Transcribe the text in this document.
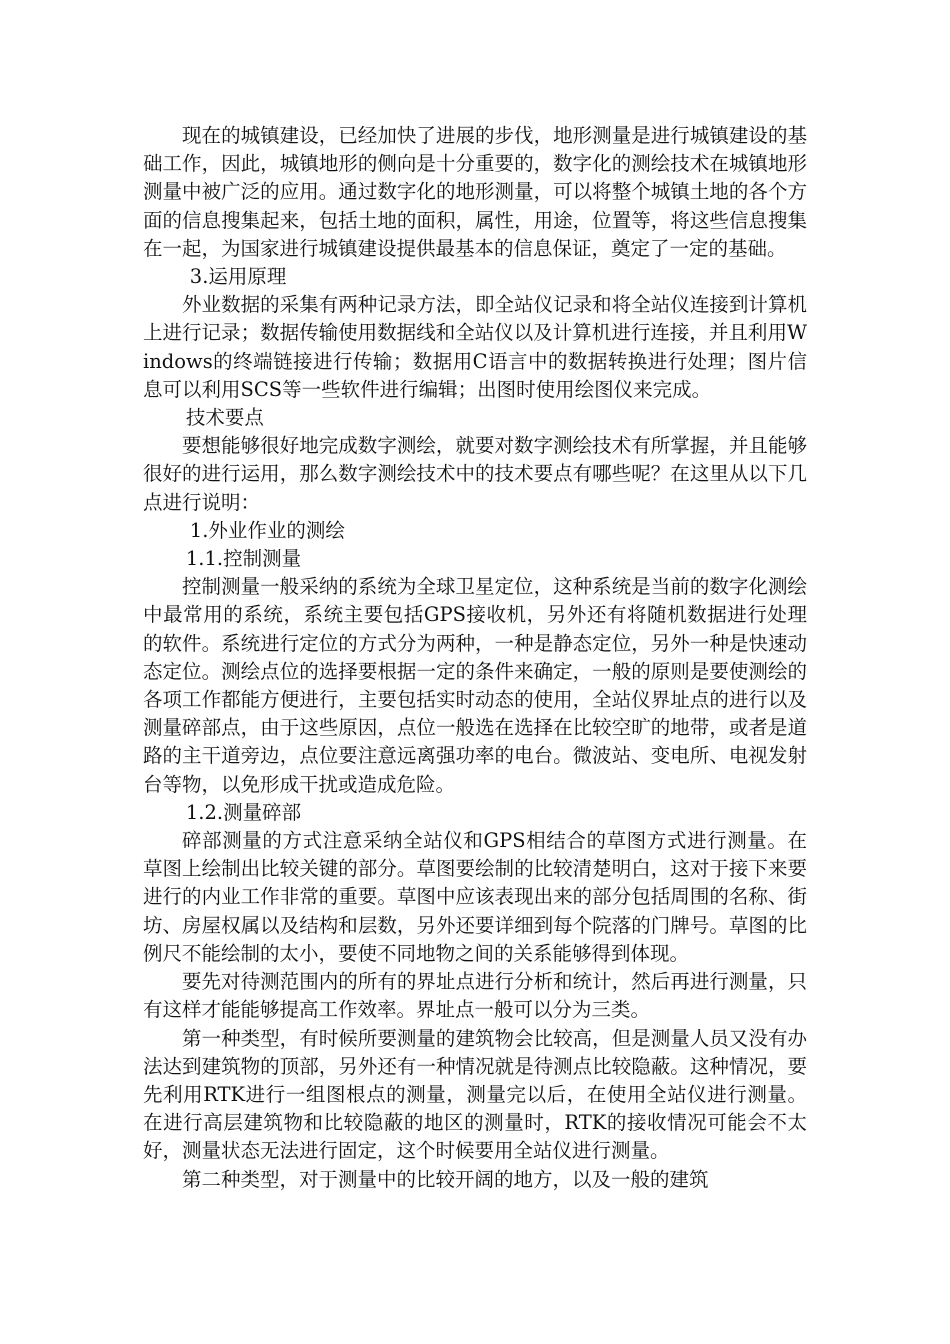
现在的城镇建设，已经加快了进展的步伐，地形测量是进行城镇建设的基础工作，因此，城镇地形的侧向是十分重要的，数字化的测绘技术在城镇地形测量中被广泛的应用。通过数字化的地形测量，可以将整个城镇土地的各个方面的信息搜集起来，包括土地的面积，属性，用途，位置等，将这些信息搜集在一起，为国家进行城镇建设提供最基本的信息保证，奠定了一定的基础。

3.运用原理

外业数据的采集有两种记录方法，即全站仪记录和将全站仪连接到计算机上进行记录；数据传输使用数据线和全站仪以及计算机进行连接，并且利用Windows的终端链接进行传输；数据用C语言中的数据转换进行处理；图片信息可以利用SCS等一些软件进行编辑；出图时使用绘图仪来完成。

技术要点

要想能够很好地完成数字测绘，就要对数字测绘技术有所掌握，并且能够很好的进行运用，那么数字测绘技术中的技术要点有哪些呢？在这里从以下几点进行说明：

1.外业作业的测绘

1.1.控制测量

控制测量一般采纳的系统为全球卫星定位，这种系统是当前的数字化测绘中最常用的系统，系统主要包括GPS接收机，另外还有将随机数据进行处理的软件。系统进行定位的方式分为两种，一种是静态定位，另外一种是快速动态定位。测绘点位的选择要根据一定的条件来确定，一般的原则是要使测绘的各项工作都能方便进行，主要包括实时动态的使用，全站仪界址点的进行以及测量碎部点，由于这些原因，点位一般选在选择在比较空旷的地带，或者是道路的主干道旁边，点位要注意远离强功率的电台。微波站、变电所、电视发射台等物，以免形成干扰或造成危险。

1.2.测量碎部

碎部测量的方式注意采纳全站仪和GPS相结合的草图方式进行测量。在草图上绘制出比较关键的部分。草图要绘制的比较清楚明白，这对于接下来要进行的内业工作非常的重要。草图中应该表现出来的部分包括周围的名称、街坊、房屋权属以及结构和层数，另外还要详细到每个院落的门牌号。草图的比例尺不能绘制的太小，要使不同地物之间的关系能够得到体现。

要先对待测范围内的所有的界址点进行分析和统计，然后再进行测量，只有这样才能能够提高工作效率。界址点一般可以分为三类。

第一种类型，有时候所要测量的建筑物会比较高，但是测量人员又没有办法达到建筑物的顶部，另外还有一种情况就是待测点比较隐蔽。这种情况，要先利用RTK进行一组图根点的测量，测量完以后，在使用全站仪进行测量。在进行高层建筑物和比较隐蔽的地区的测量时，RTK的接收情况可能会不太好，测量状态无法进行固定，这个时候要用全站仪进行测量。

第二种类型，对于测量中的比较开阔的地方，以及一般的建筑
